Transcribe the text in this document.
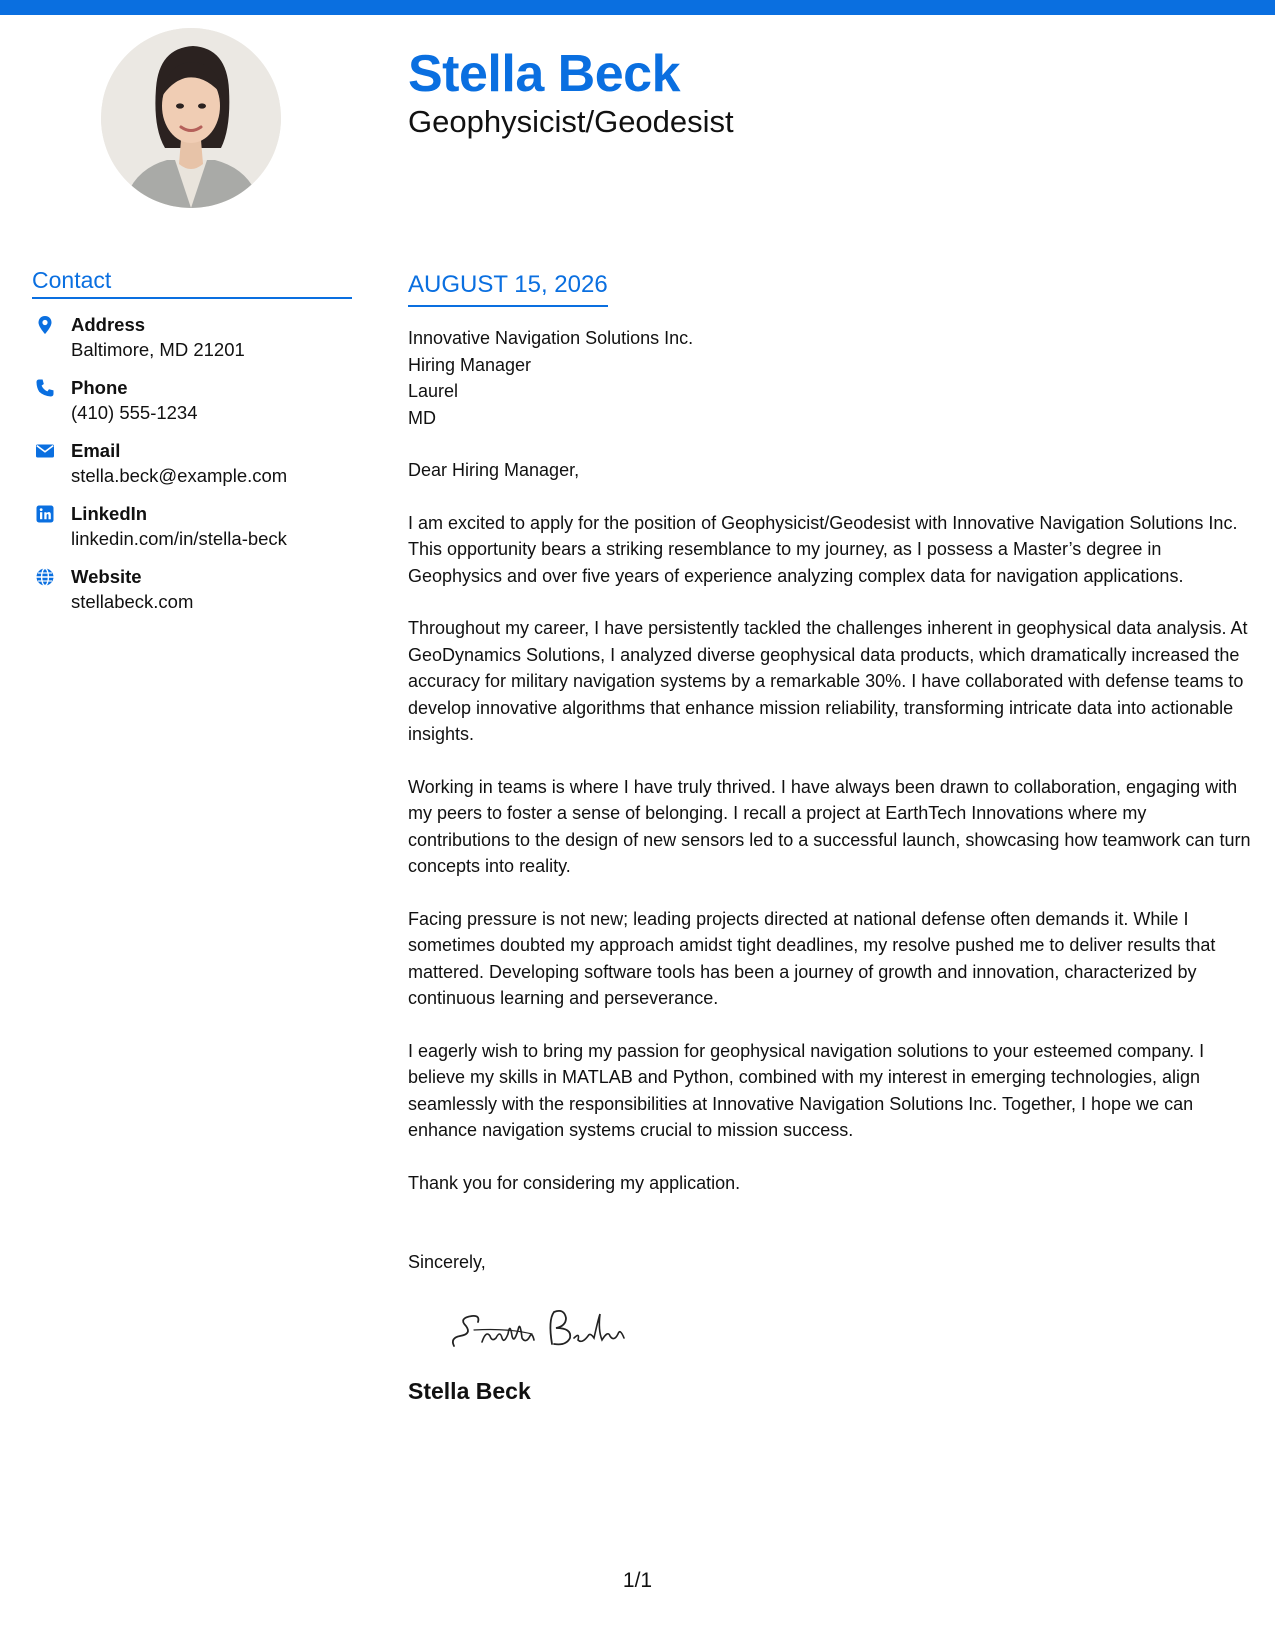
Stella Beck
Geophysicist/Geodesist
Contact
Address
Baltimore, MD 21201
Phone
(410) 555-1234
Email
stella.beck@example.com
LinkedIn
linkedin.com/in/stella-beck
Website
stellabeck.com
AUGUST 15, 2026
Innovative Navigation Solutions Inc.
Hiring Manager
Laurel
MD

Dear Hiring Manager,

I am excited to apply for the position of Geophysicist/Geodesist with Innovative Navigation Solutions Inc. This opportunity bears a striking resemblance to my journey, as I possess a Master’s degree in Geophysics and over five years of experience analyzing complex data for navigation applications.

Throughout my career, I have persistently tackled the challenges inherent in geophysical data analysis. At GeoDynamics Solutions, I analyzed diverse geophysical data products, which dramatically increased the accuracy for military navigation systems by a remarkable 30%. I have collaborated with defense teams to develop innovative algorithms that enhance mission reliability, transforming intricate data into actionable insights.

Working in teams is where I have truly thrived. I have always been drawn to collaboration, engaging with my peers to foster a sense of belonging. I recall a project at EarthTech Innovations where my contributions to the design of new sensors led to a successful launch, showcasing how teamwork can turn concepts into reality.

Facing pressure is not new; leading projects directed at national defense often demands it. While I sometimes doubted my approach amidst tight deadlines, my resolve pushed me to deliver results that mattered. Developing software tools has been a journey of growth and innovation, characterized by continuous learning and perseverance.

I eagerly wish to bring my passion for geophysical navigation solutions to your esteemed company. I believe my skills in MATLAB and Python, combined with my interest in emerging technologies, align seamlessly with the responsibilities at Innovative Navigation Solutions Inc. Together, I hope we can enhance navigation systems crucial to mission success.

Thank you for considering my application.

Sincerely,

Stella Beck
1/1
